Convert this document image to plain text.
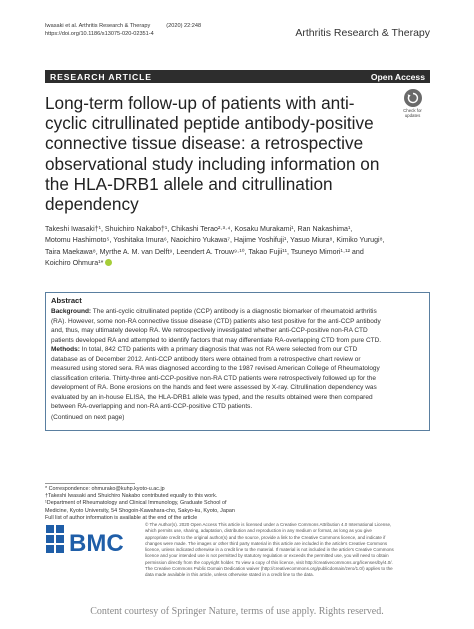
Iwasaki et al. Arthritis Research & Therapy	(2020) 22:248
https://doi.org/10.1186/s13075-020-02351-4	Arthritis Research & Therapy
RESEARCH ARTICLE	Open Access
Long-term follow-up of patients with anti-cyclic citrullinated peptide antibody-positive connective tissue disease: a retrospective observational study including information on the HLA-DRB1 allele and citrullination dependency
Check for
updates
Takeshi Iwasaki†¹, Shuichiro Nakabo†¹, Chikashi Terao²·³·⁴, Kosaku Murakami¹, Ran Nakashima¹,
Motomu Hashimoto⁵, Yoshitaka Imura⁶, Naoichiro Yukawa⁷, Hajime Yoshifuji¹, Yasuo Miura⁸, Kimiko Yurugi⁸,
Taira Maekawa⁸, Myrthe A. M. van Delft⁹, Leendert A. Trouw⁹·¹⁰, Takao Fujii¹¹, Tsuneyo Mimori¹·¹² and
Koichiro Ohmura¹*
Abstract

Background: The anti-cyclic citrullinated peptide (CCP) antibody is a diagnostic biomarker of rheumatoid arthritis
(RA). However, some non-RA connective tissue disease (CTD) patients also test positive for the anti-CCP antibody
and, thus, may ultimately develop RA. We retrospectively investigated whether anti-CCP-positive non-RA CTD
patients developed RA and attempted to identify factors that may differentiate RA-overlapping CTD from pure CTD.

Methods: In total, 842 CTD patients with a primary diagnosis that was not RA were selected from our CTD
database as of December 2012. Anti-CCP antibody titers were obtained from a retrospective chart review or
measured using stored sera. RA was diagnosed according to the 1987 revised American College of Rheumatology
classification criteria. Thirty-three anti-CCP-positive non-RA CTD patients were retrospectively followed up for the
development of RA. Bone erosions on the hands and feet were assessed by X-ray. Citrullination dependency was
evaluated by an in-house ELISA, the HLA-DRB1 allele was typed, and the results obtained were then compared
between RA-overlapping and non-RA anti-CCP-positive CTD patients.

(Continued on next page)
* Correspondence: ohmurako@kuhp.kyoto-u.ac.jp
†Takeshi Iwasaki and Shuichiro Nakabo contributed equally to this work.
¹Department of Rheumatology and Clinical Immunology, Graduate School of
Medicine, Kyoto University, 54 Shogoin-Kawahara-cho, Sakyo-ku, Kyoto, Japan
Full list of author information is available at the end of the article
BMC
© The Author(s). 2020 Open Access This article is licensed under a Creative Commons Attribution 4.0 International License,
which permits use, sharing, adaptation, distribution and reproduction in any medium or format, as long as you give
appropriate credit to the original author(s) and the source, provide a link to the Creative Commons licence, and indicate if
changes were made. The images or other third party material in this article are included in the article's Creative Commons
licence, unless indicated otherwise in a credit line to the material. If material is not included in the article's Creative Commons
licence and your intended use is not permitted by statutory regulation or exceeds the permitted use, you will need to obtain
permission directly from the copyright holder. To view a copy of this licence, visit http://creativecommons.org/licenses/by/4.0/.
The Creative Commons Public Domain Dedication waiver (http://creativecommons.org/publicdomain/zero/1.0/) applies to the
data made available in this article, unless otherwise stated in a credit line to the data.
Content courtesy of Springer Nature, terms of use apply. Rights reserved.
